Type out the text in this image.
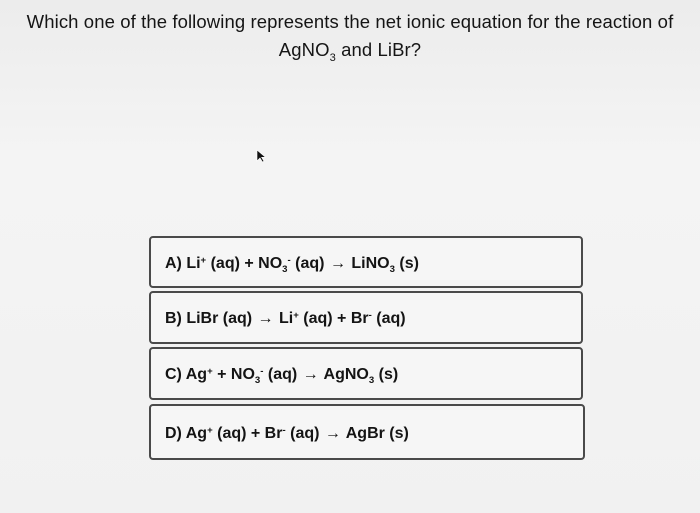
Which one of the following represents the net ionic equation for the reaction of
AgNO$_3$ and LiBr?
A) Li+ $(aq) + NO_3^-$ (aq) → LiNO$_3$ (s)
B) LiBr (aq) → Li+ (aq) + Br- (aq)
C) $Ag^+ + NO_3^-$ (aq) → AgNO$_3$ (s)
D) Ag+ (aq) + Br- (aq) → AgBr (s)
